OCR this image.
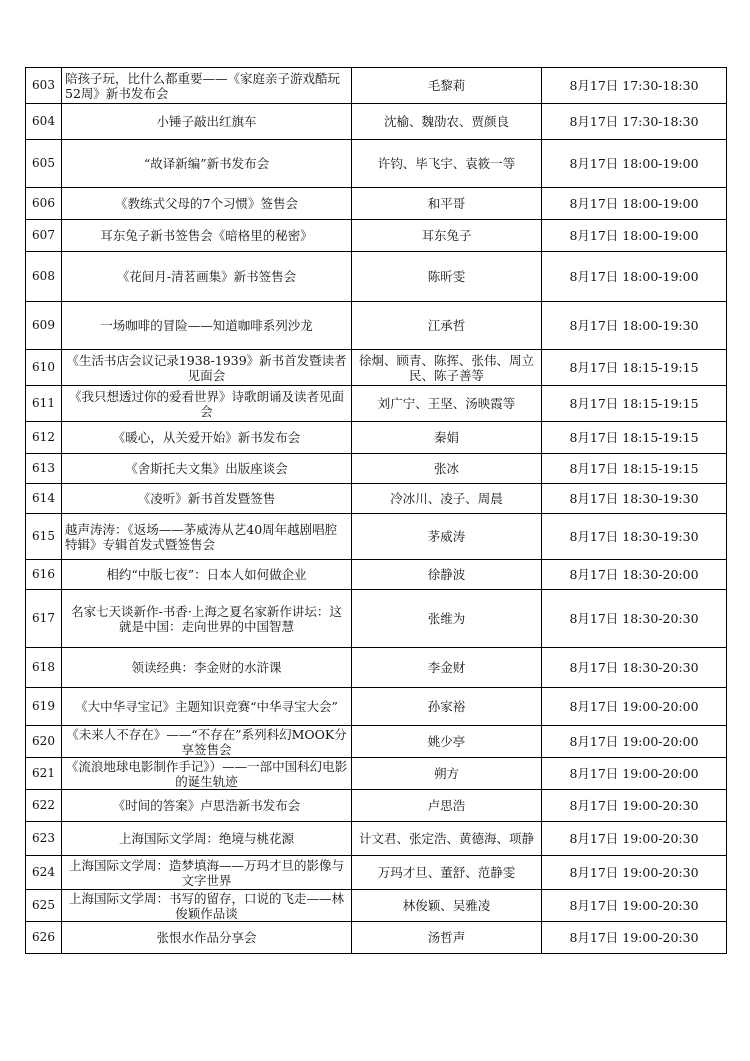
603	陪孩子玩，比什么都重要——《家庭亲子游戏酷玩52周》新书发布会	毛黎莉	8月17日 17:30-18:30
604	小锤子敲出红旗车	沈榆、魏劭农、贾颜良	8月17日 17:30-18:30
605	“故译新编”新书发布会	许钧、毕飞宇、袁筱一等	8月17日 18:00-19:00
606	《教练式父母的7个习惯》签售会	和平哥	8月17日 18:00-19:00
607	耳东兔子新书签售会《暗格里的秘密》	耳东兔子	8月17日 18:00-19:00
608	《花间月-清茗画集》新书签售会	陈昕雯	8月17日 18:00-19:00
609	一场咖啡的冒险——知道咖啡系列沙龙	江承哲	8月17日 18:00-19:30
610	《生活书店会议记录1938-1939》新书首发暨读者见面会	徐炯、顾青、陈挥、张伟、周立民、陈子善等	8月17日 18:15-19:15
611	《我只想透过你的爱看世界》诗歌朗诵及读者见面会	刘广宁、王坚、汤映霞等	8月17日 18:15-19:15
612	《暖心，从关爱开始》新书发布会	秦娟	8月17日 18:15-19:15
613	《舍斯托夫文集》出版座谈会	张冰	8月17日 18:15-19:15
614	《凌听》新书首发暨签售	冷冰川、凌子、周晨	8月17日 18:30-19:30
615	越声涛涛：《返场——茅威涛从艺40周年越剧唱腔特辑》专辑首发式暨签售会	茅威涛	8月17日 18:30-19:30
616	相约“中版七夜”：日本人如何做企业	徐静波	8月17日 18:30-20:00
617	名家七天谈新作-书香·上海之夏名家新作讲坛：这就是中国：走向世界的中国智慧	张维为	8月17日 18:30-20:30
618	领读经典：李金财的水浒课	李金财	8月17日 18:30-20:30
619	《大中华寻宝记》主题知识竞赛“中华寻宝大会”	孙家裕	8月17日 19:00-20:00
620	《未来人不存在》——“不存在”系列科幻MOOK分享签售会	姚少亭	8月17日 19:00-20:00
621	《流浪地球电影制作手记》）——一部中国科幻电影的诞生轨迹	朔方	8月17日 19:00-20:00
622	《时间的答案》卢思浩新书发布会	卢思浩	8月17日 19:00-20:30
623	上海国际文学周：绝境与桃花源	计文君、张定浩、黄德海、项静	8月17日 19:00-20:30
624	上海国际文学周：造梦填海——万玛才旦的影像与文字世界	万玛才旦、董舒、范静雯	8月17日 19:00-20:30
625	上海国际文学周：书写的留存，口说的飞走——林俊颖作品谈	林俊颖、吴雅凌	8月17日 19:00-20:30
626	张恨水作品分享会	汤哲声	8月17日 19:00-20:30
